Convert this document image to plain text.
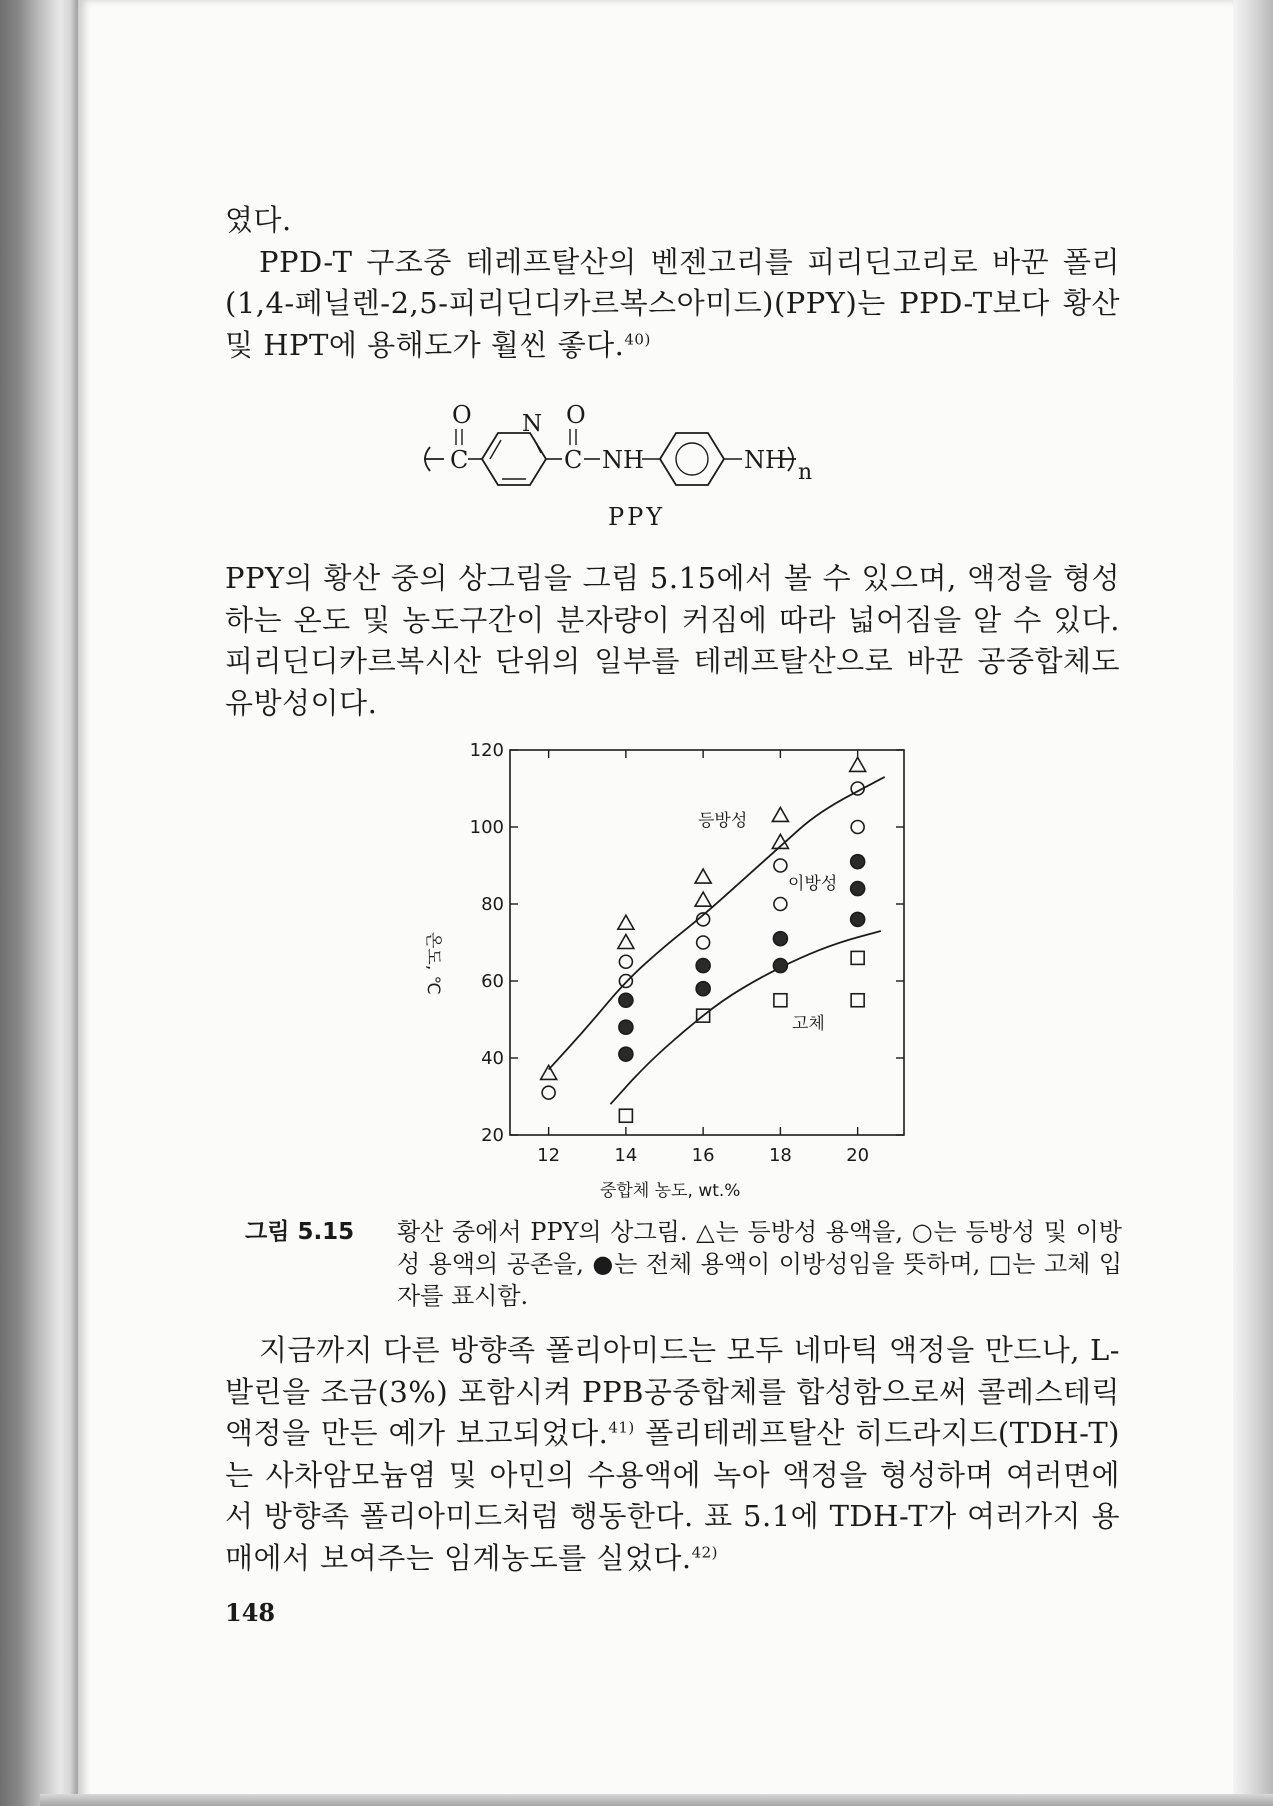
였다.

PPD-T 구조중 테레프탈산의 벤젠고리를 피리딘고리로 바꾼 폴리(1,4-페닐렌-2,5-피리딘디카르복스아미드)(PPY)는 PPD-T보다 황산 및 HPT에 용해도가 훨씬 좋다.$^{40)}$

O
C
N O
C NH	NH n
PPY

PPY의 황산 중의 상그림을 그림 5.15에서 볼 수 있으며, 액정을 형성하는 온도 및 농도구간이 분자량이 커짐에 따라 넓어짐을 알 수 있다. 피리딘디카르복시산 단위의 일부를 테레프탈산으로 바꾼 공중합체도 유방성이다.

12	14	16	18	20
20
40
60
80
100
120
등방성
이방성
고체
중합체 농도, wt.%
온도, ℃
그림 5.15 황산 중에서 PPY의 상그림. △는 등방성 용액을, ○는 등방성 및 이방성 용액의 공존을, ●는 전체 용액이 이방성임을 뜻하며, □는 고체 입자를 표시함.

지금까지 다른 방향족 폴리아미드는 모두 네마틱 액정을 만드나, L-발린을 조금(3%) 포함시켜 PPB공중합체를 합성함으로써 콜레스테릭 액정을 만든 예가 보고되었다.$^{41)}$ 폴리테레프탈산 히드라지드(TDH-T)는 사차암모늄염 및 아민의 수용액에 녹아 액정을 형성하며 여러면에서 방향족 폴리아미드처럼 행동한다. 표 5.1에 TDH-T가 여러가지 용매에서 보여주는 임계농도를 실었다.$^{42)}$

148
